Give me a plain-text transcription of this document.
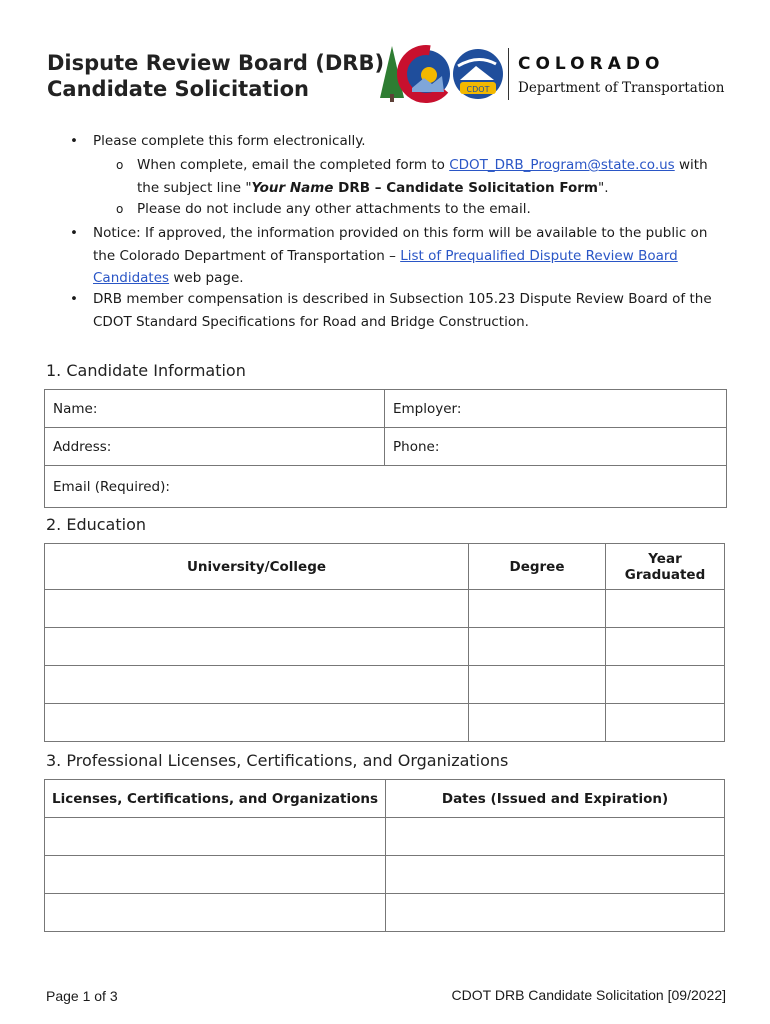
Dispute Review Board (DRB)
Candidate Solicitation	CDOT
COLORADO
Department of Transportation
• Please complete this form electronically.
o When complete, email the completed form to CDOT_DRB_Program@state.co.us with
the subject line "Your Name DRB – Candidate Solicitation Form".
o Please do not include any other attachments to the email.
• Notice: If approved, the information provided on this form will be available to the public on
the Colorado Department of Transportation – List of Prequalified Dispute Review Board
Candidates web page.
• DRB member compensation is described in Subsection 105.23 Dispute Review Board of the
CDOT Standard Specifications for Road and Bridge Construction.
1. Candidate Information
Name:	Employer:
Address:	Phone:
Email (Required):	
2. Education
University/College	Degree	Year
Graduated

3. Professional Licenses, Certifications, and Organizations
Licenses, Certifications, and Organizations	Dates (Issued and Expiration)

Page 1 of 3	CDOT DRB Candidate Solicitation [09/2022]
